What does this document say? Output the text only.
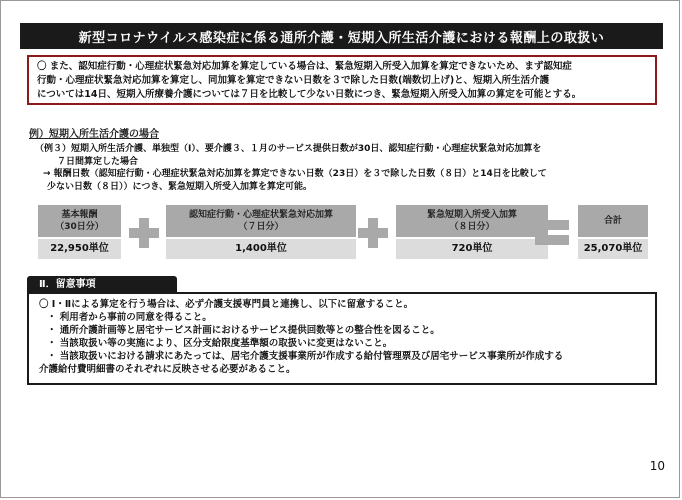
新型コロナウイルス感染症に係る通所介護・短期入所生活介護における報酬上の取扱い
〇 また、認知症行動・心理症状緊急対応加算を算定している場合は、緊急短期入所受入加算を算定できないため、まず認知症
行動・心理症状緊急対応加算を算定し、同加算を算定できない日数を３で除した日数(端数切上げ)と、短期入所生活介護
については14日、短期入所療養介護については７日を比較して少ない日数につき、緊急短期入所受入加算の算定を可能とする。
例）短期入所生活介護の場合
（例３）短期入所生活介護、単独型（Ⅰ）、要介護３、１月のサービス提供日数が30日、認知症行動・心理症状緊急対応加算を
７日間算定した場合
→ 報酬日数（認知症行動・心理症状緊急対応加算を算定できない日数（23日）を３で除した日数（８日）と14日を比較して
少ない日数（８日））につき、緊急短期入所受入加算を算定可能。
基本報酬
（30日分）
22,950単位
認知症行動・心理症状緊急対応加算
（７日分）
1,400単位
緊急短期入所受入加算
（８日分）
720単位
合計
25,070単位
Ⅱ．留意事項
〇 Ⅰ・Ⅱによる算定を行う場合は、必ず介護支援専門員と連携し、以下に留意すること。
・ 利用者から事前の同意を得ること。
・ 通所介護計画等と居宅サービス計画におけるサービス提供回数等との整合性を図ること。
・ 当該取扱い等の実施により、区分支給限度基準額の取扱いに変更はないこと。
・ 当該取扱いにおける請求にあたっては、居宅介護支援事業所が作成する給付管理票及び居宅サービス事業所が作成する
介護給付費明細書のそれぞれに反映させる必要があること。
10
